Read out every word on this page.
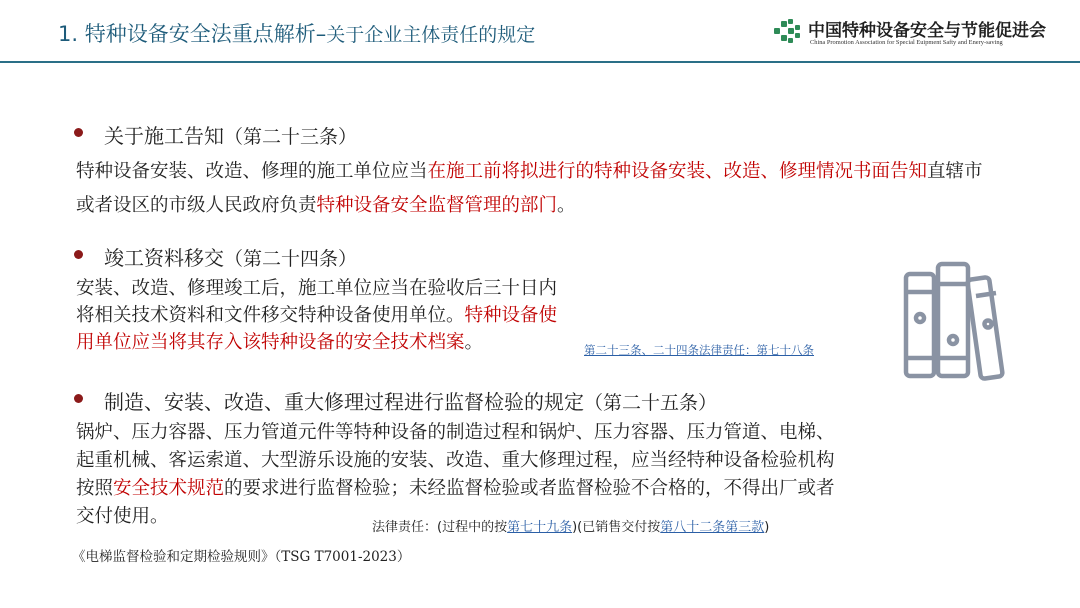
1. 特种设备安全法重点解析–关于企业主体责任的规定	中国特种设备安全与节能促进会
China Promotion Association for Special Euipment Safty and Enery-saving
关于施工告知（第二十三条）
特种设备安装、改造、修理的施工单位应当在施工前将拟进行的特种设备安装、改造、修理情况书面告知直辖市或者设区的市级人民政府负责特种设备安全监督管理的部门。
竣工资料移交（第二十四条）
安装、改造、修理竣工后，施工单位应当在验收后三十日内
将相关技术资料和文件移交特种设备使用单位。特种设备使
用单位应当将其存入该特种设备的安全技术档案。	第二十三条、二十四条法律责任：第七十八条
制造、安装、改造、重大修理过程进行监督检验的规定（第二十五条）
锅炉、压力容器、压力管道元件等特种设备的制造过程和锅炉、压力容器、压力管道、电梯、
起重机械、客运索道、大型游乐设施的安装、改造、重大修理过程，应当经特种设备检验机构
按照安全技术规范的要求进行监督检验；未经监督检验或者监督检验不合格的，不得出厂或者
交付使用。
法律责任：(过程中的按第七十九条)(已销售交付按第八十二条第三款)
《电梯监督检验和定期检验规则》（TSG T7001-2023）
